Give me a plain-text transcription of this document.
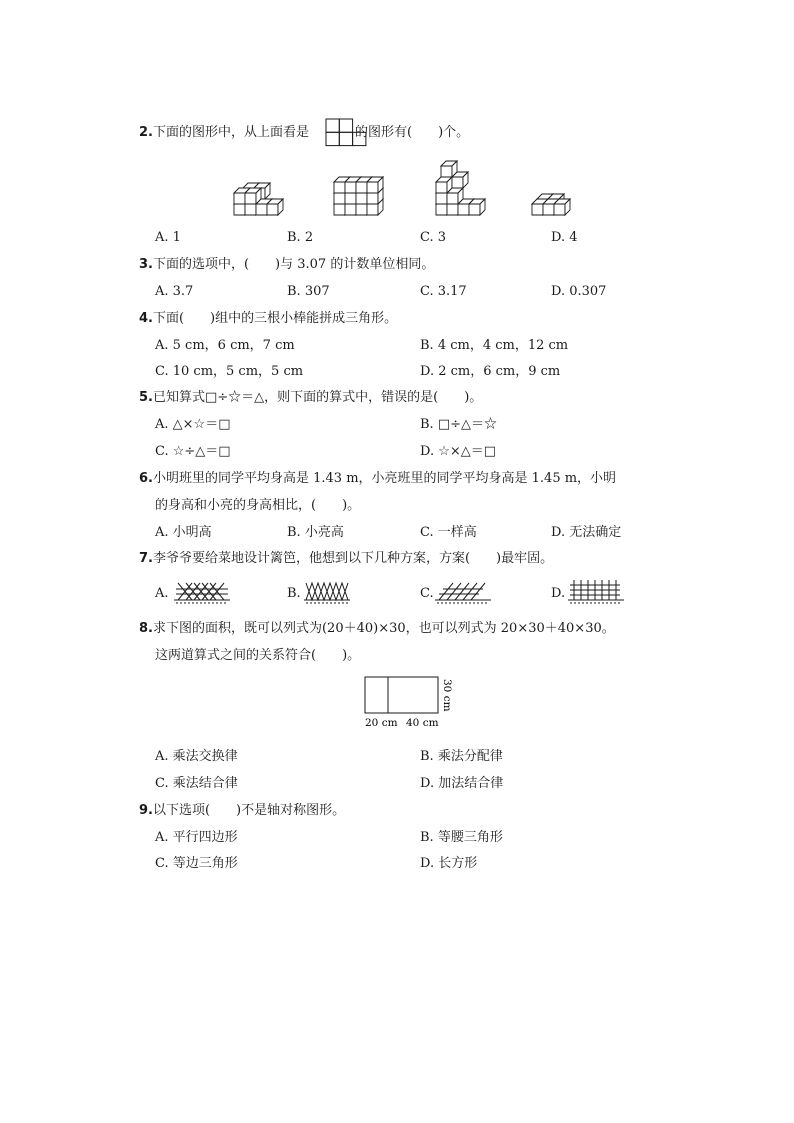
2.下面的图形中，从上面看是	的图形有(　　)个。
A. 1	B. 2	C. 3	D. 4
3.下面的选项中，(　　)与 3.07 的计数单位相同。
A. 3.7	B. 307	C. 3.17	D. 0.307
4.下面(　　)组中的三根小棒能拼成三角形。
A. 5 cm，6 cm，7 cm	B. 4 cm，4 cm，12 cm
C. 10 cm，5 cm，5 cm	D. 2 cm，6 cm，9 cm
5.已知算式□÷☆＝△，则下面的算式中，错误的是(　　)。
A. △×☆＝□	B. □÷△＝☆
C. ☆÷△＝□	D. ☆×△＝□
6.小明班里的同学平均身高是 1.43 m，小亮班里的同学平均身高是 1.45 m，小明
的身高和小亮的身高相比，(　　)。
A. 小明高	B. 小亮高	C. 一样高	D. 无法确定
7.李爷爷要给菜地设计篱笆，他想到以下几种方案，方案(　　)最牢固。
A.	B.	C.	D.
8.求下图的面积，既可以列式为(20＋40)×30，也可以列式为 20×30＋40×30。
这两道算式之间的关系符合(　　)。
20 cm 40 cm
30 cm
A. 乘法交换律	B. 乘法分配律
C. 乘法结合律	D. 加法结合律
9.以下选项(　　)不是轴对称图形。
A. 平行四边形	B. 等腰三角形
C. 等边三角形	D. 长方形
